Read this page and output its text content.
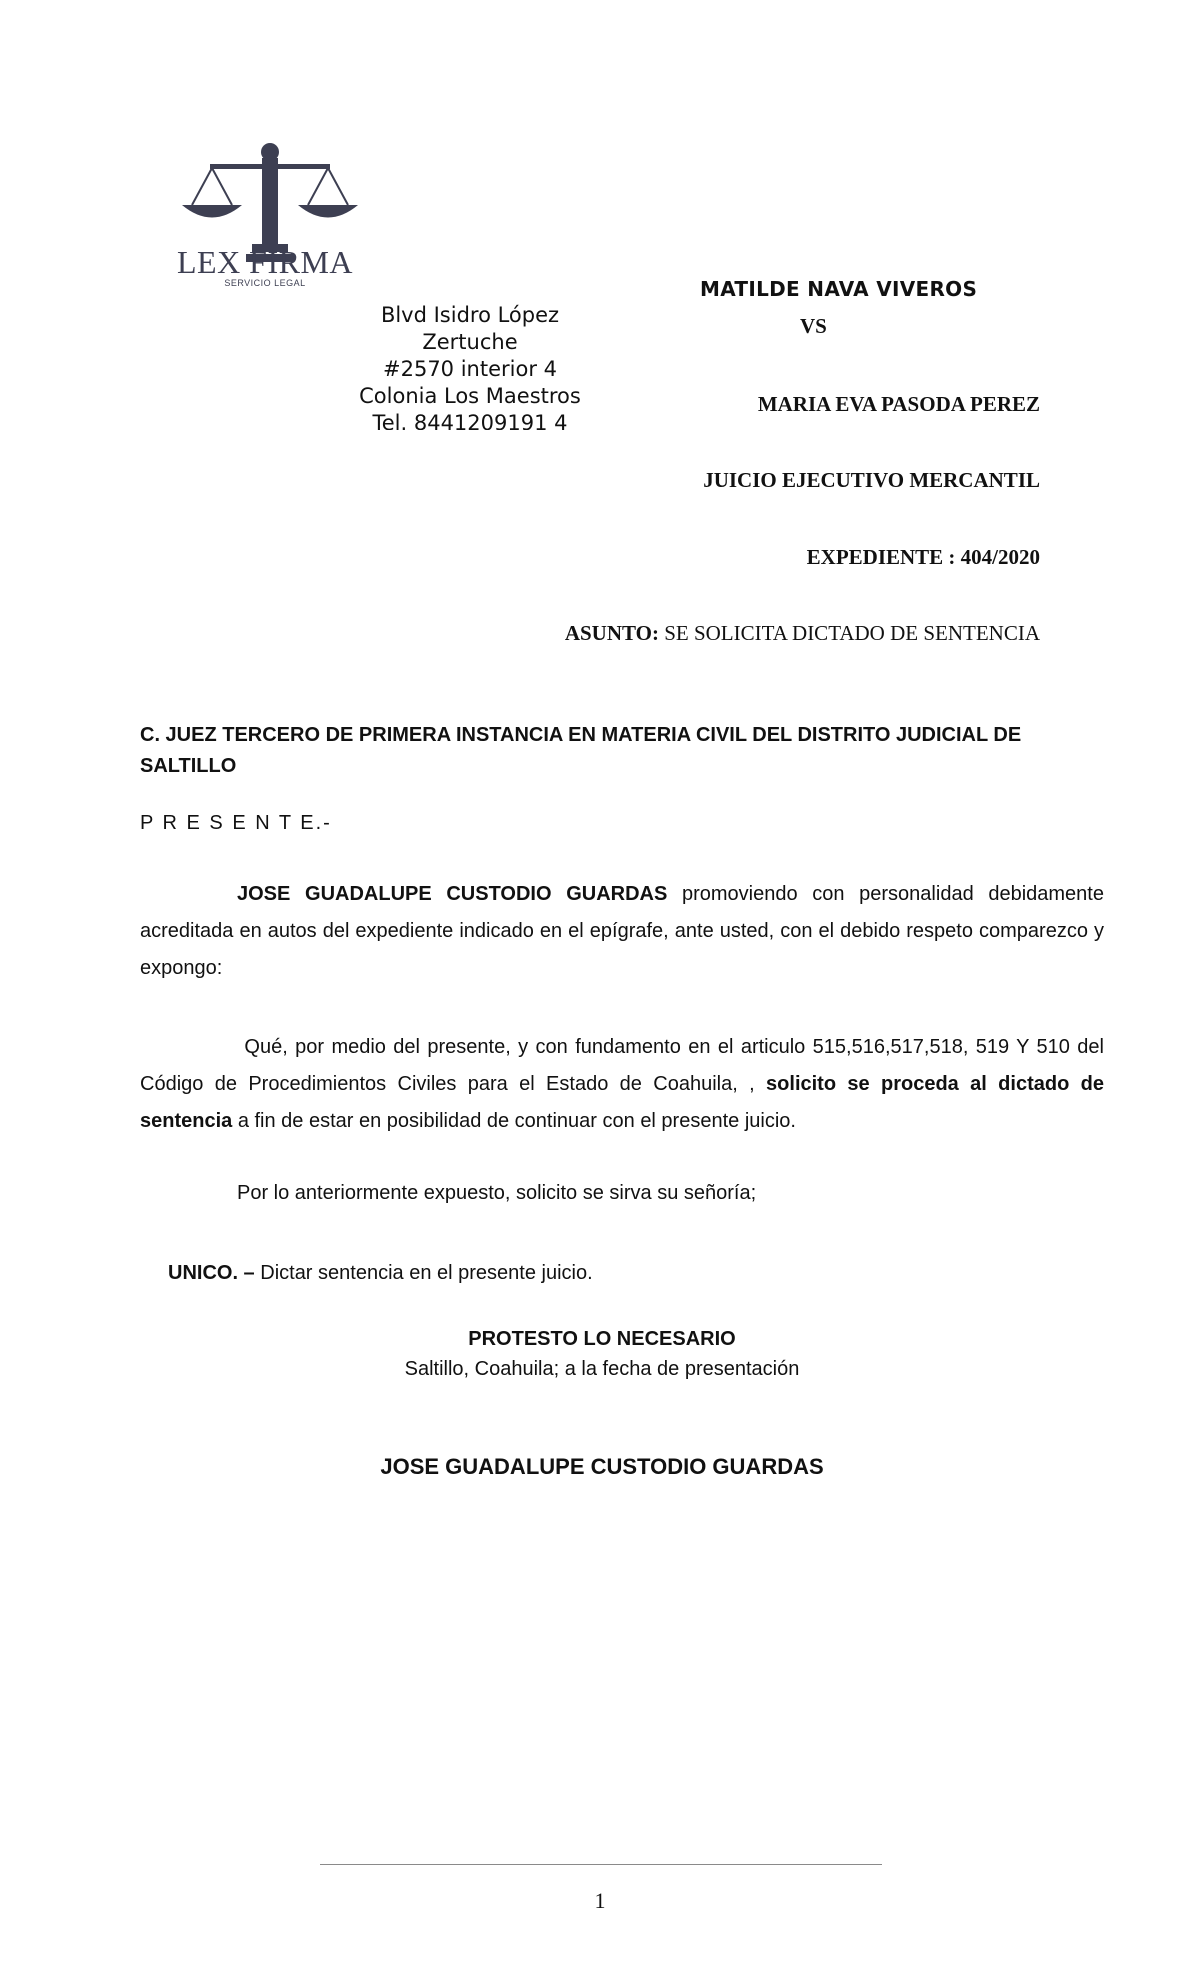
LEX FIRMA
SERVICIO LEGAL
Blvd Isidro López
Zertuche
#2570 interior 4
Colonia Los Maestros
Tel. 8441209191 4
MATILDE NAVA VIVEROS
VS
MARIA EVA PASODA PEREZ
JUICIO EJECUTIVO MERCANTIL
EXPEDIENTE : 404/2020
ASUNTO: SE SOLICITA DICTADO DE SENTENCIA
C. JUEZ TERCERO DE PRIMERA INSTANCIA EN MATERIA CIVIL DEL DISTRITO JUDICIAL DE SALTILLO
P R E S E N T E.-
JOSE GUADALUPE CUSTODIO GUARDAS promoviendo con personalidad debidamente acreditada en autos del expediente indicado en el epígrafe, ante usted, con el debido respeto comparezco y expongo:
Qué, por medio del presente, y con fundamento en el articulo 515,516,517,518, 519 Y 510 del Código de Procedimientos Civiles para el Estado de Coahuila, , solicito se proceda al dictado de sentencia a fin de estar en posibilidad de continuar con el presente juicio.
Por lo anteriormente expuesto, solicito se sirva su señoría;
UNICO. – Dictar sentencia en el presente juicio.
PROTESTO LO NECESARIO
Saltillo, Coahuila; a la fecha de presentación
JOSE GUADALUPE CUSTODIO GUARDAS
1
